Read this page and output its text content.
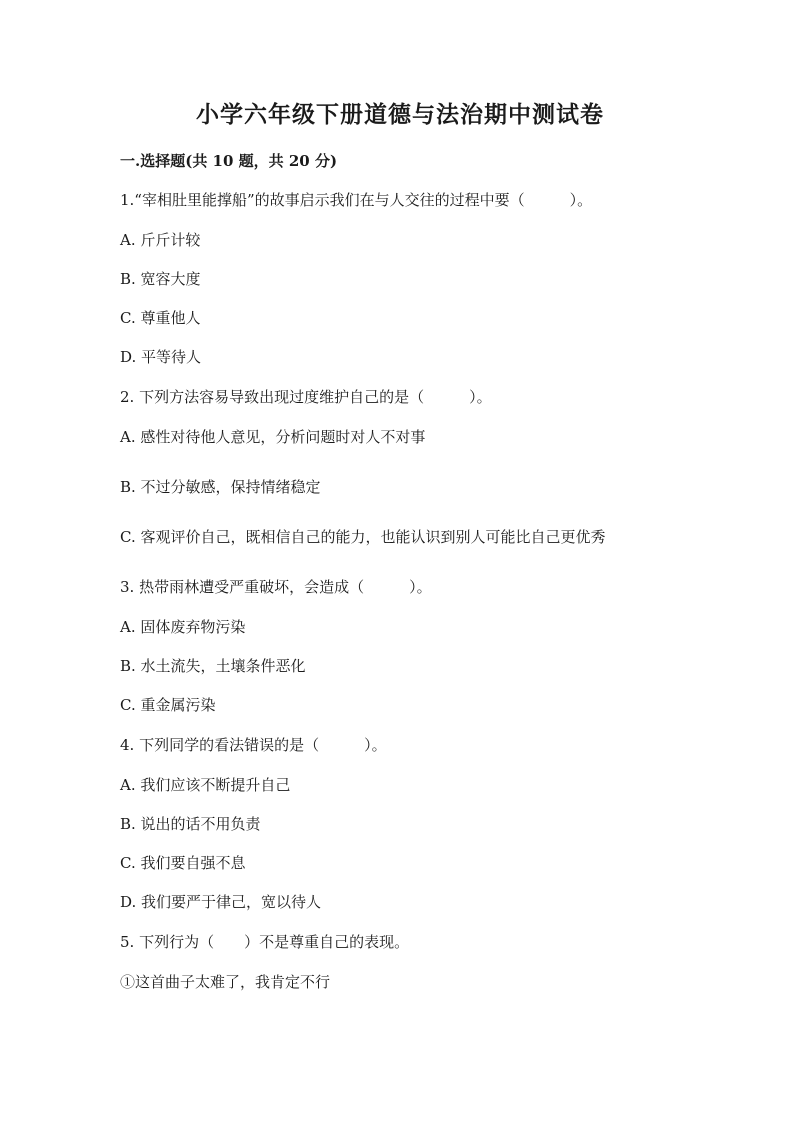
小学六年级下册道德与法治期中测试卷
一.选择题(共 10 题，共 20 分)
1.“宰相肚里能撑船”的故事启示我们在与人交往的过程中要（　　　）。
A. 斤斤计较
B. 宽容大度
C. 尊重他人
D. 平等待人
2. 下列方法容易导致出现过度维护自己的是（　　　）。
A. 感性对待他人意见，分析问题时对人不对事
B. 不过分敏感，保持情绪稳定
C. 客观评价自己，既相信自己的能力，也能认识到别人可能比自己更优秀
3. 热带雨林遭受严重破坏，会造成（　　　）。
A. 固体废弃物污染
B. 水土流失，土壤条件恶化
C. 重金属污染
4. 下列同学的看法错误的是（　　　）。
A. 我们应该不断提升自己
B. 说出的话不用负责
C. 我们要自强不息
D. 我们要严于律己，宽以待人
5. 下列行为（　　）不是尊重自己的表现。
①这首曲子太难了，我肯定不行
